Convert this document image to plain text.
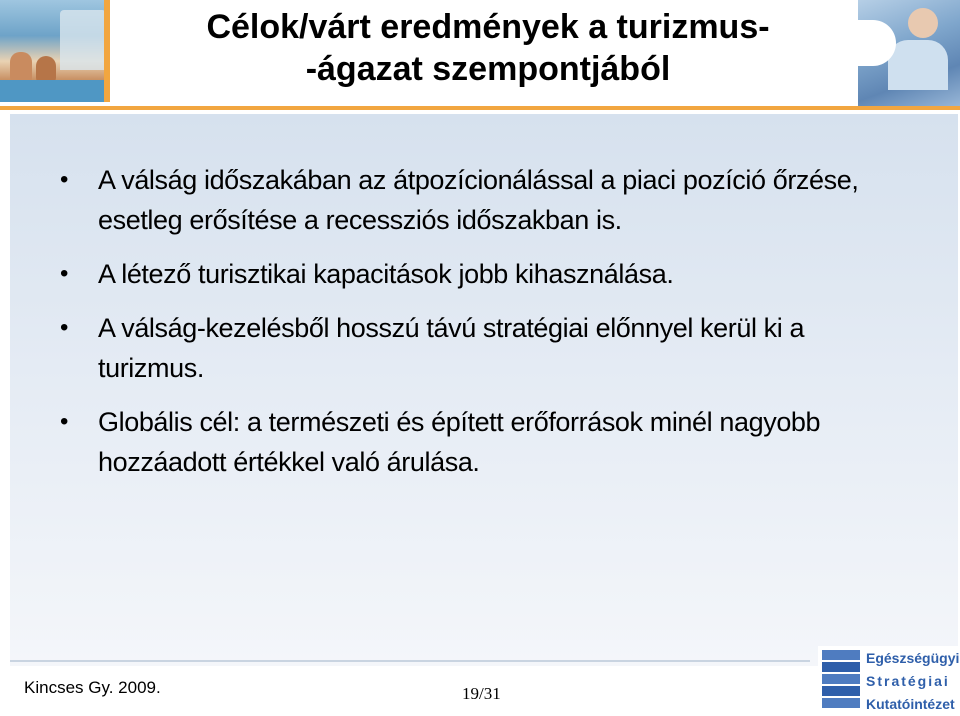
Célok/várt eredmények a turizmus-
-ágazat szempontjából
• A válság időszakában az átpozícionálással a piaci pozíció őrzése, esetleg erősítése a recessziós időszakban is.
• A létező turisztikai kapacitások jobb kihasználása.
• A válság-kezelésből hosszú távú stratégiai előnnyel kerül ki a turizmus.
• Globális cél: a természeti és épített erőforrások minél nagyobb hozzáadott értékkel való árulása.
Kincses Gy. 2009.	19/31
Egészségügyi
Stratégiai
Kutatóintézet
